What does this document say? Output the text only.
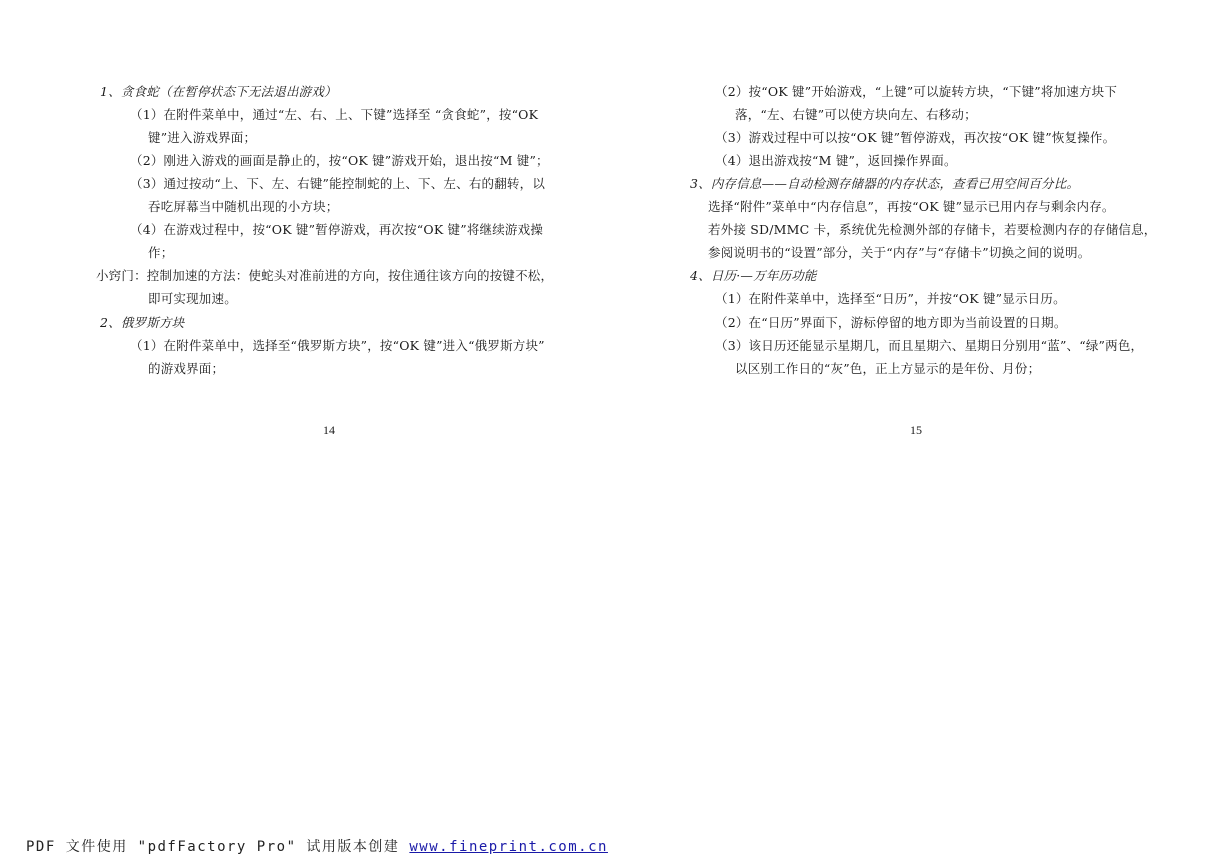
1、贪食蛇（在暂停状态下无法退出游戏）
（1）在附件菜单中，通过“左、右、上、下键”选择至 “贪食蛇”，按“OK
键”进入游戏界面；
（2）刚进入游戏的画面是静止的，按“OK 键”游戏开始，退出按“M 键”；
（3）通过按动“上、下、左、右键”能控制蛇的上、下、左、右的翻转，以
吞吃屏幕当中随机出现的小方块；
（4）在游戏过程中，按“OK 键”暂停游戏，再次按“OK 键”将继续游戏操
作；
小窍门：控制加速的方法：使蛇头对准前进的方向，按住通往该方向的按键不松，
即可实现加速。
2、俄罗斯方块
（1）在附件菜单中，选择至“俄罗斯方块”，按“OK 键”进入“俄罗斯方块”
的游戏界面；
14
（2）按“OK 键”开始游戏，“上键”可以旋转方块，“下键”将加速方块下
落，“左、右键”可以使方块向左、右移动；
（3）游戏过程中可以按“OK 键”暂停游戏，再次按“OK 键”恢复操作。
（4）退出游戏按“M 键”，返回操作界面。
3、内存信息——自动检测存储器的内存状态，查看已用空间百分比。
选择“附件”菜单中“内存信息”，再按“OK 键”显示已用内存与剩余内存。
若外接 SD/MMC 卡，系统优先检测外部的存储卡，若要检测内存的存储信息，
参阅说明书的“设置”部分，关于“内存”与“存储卡”切换之间的说明。
4、日历·—万年历功能
（1）在附件菜单中，选择至“日历”，并按“OK 键”显示日历。
（2）在“日历”界面下，游标停留的地方即为当前设置的日期。
（3）该日历还能显示星期几，而且星期六、星期日分别用“蓝”、“绿”两色，
以区别工作日的“灰”色，正上方显示的是年份、月份；
15
PDF 文件使用 "pdfFactory Pro" 试用版本创建 www.fineprint.com.cn
